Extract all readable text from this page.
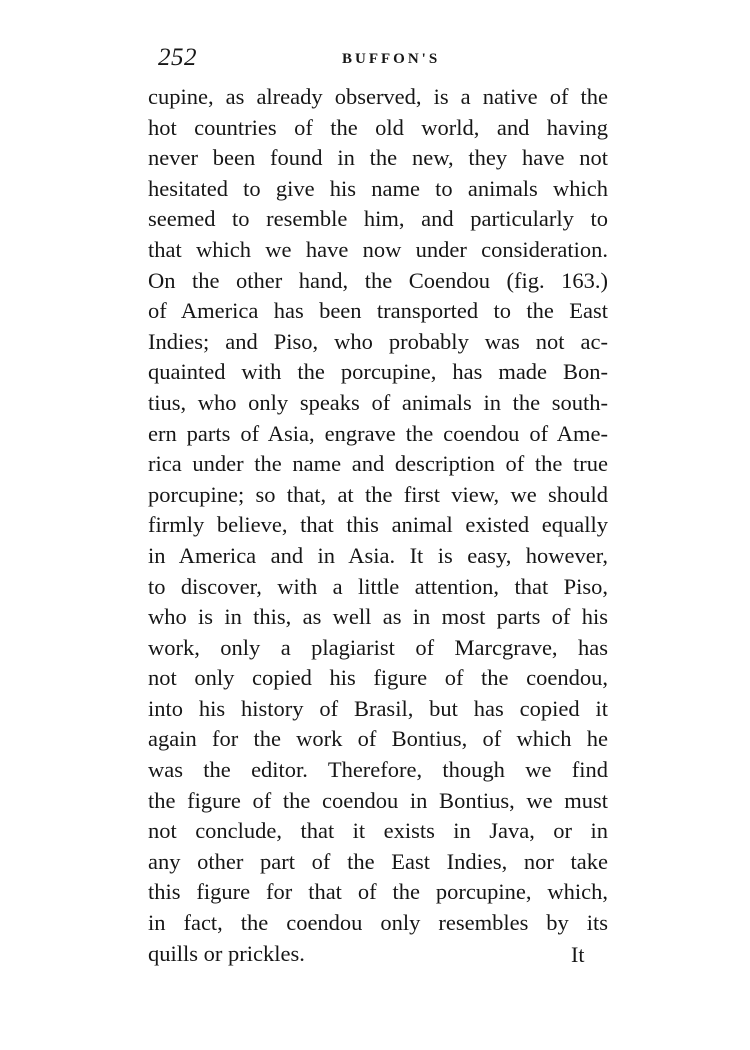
252	BUFFON'S
cupine, as already observed, is a native of the
hot countries of the old world, and having
never been found in the new, they have not
hesitated to give his name to animals which
seemed to resemble him, and particularly to
that which we have now under consideration.
On the other hand, the Coendou (fig. 163.)
of America has been transported to the East
Indies; and Piso, who probably was not ac-
quainted with the porcupine, has made Bon-
tius, who only speaks of animals in the south-
ern parts of Asia, engrave the coendou of Ame-
rica under the name and description of the true
porcupine; so that, at the first view, we should
firmly believe, that this animal existed equally
in America and in Asia. It is easy, however,
to discover, with a little attention, that Piso,
who is in this, as well as in most parts of his
work, only a plagiarist of Marcgrave, has
not only copied his figure of the coendou,
into his history of Brasil, but has copied it
again for the work of Bontius, of which he
was the editor. Therefore, though we find
the figure of the coendou in Bontius, we must
not conclude, that it exists in Java, or in
any other part of the East Indies, nor take
this figure for that of the porcupine, which,
in fact, the coendou only resembles by its
quills or prickles.	It
